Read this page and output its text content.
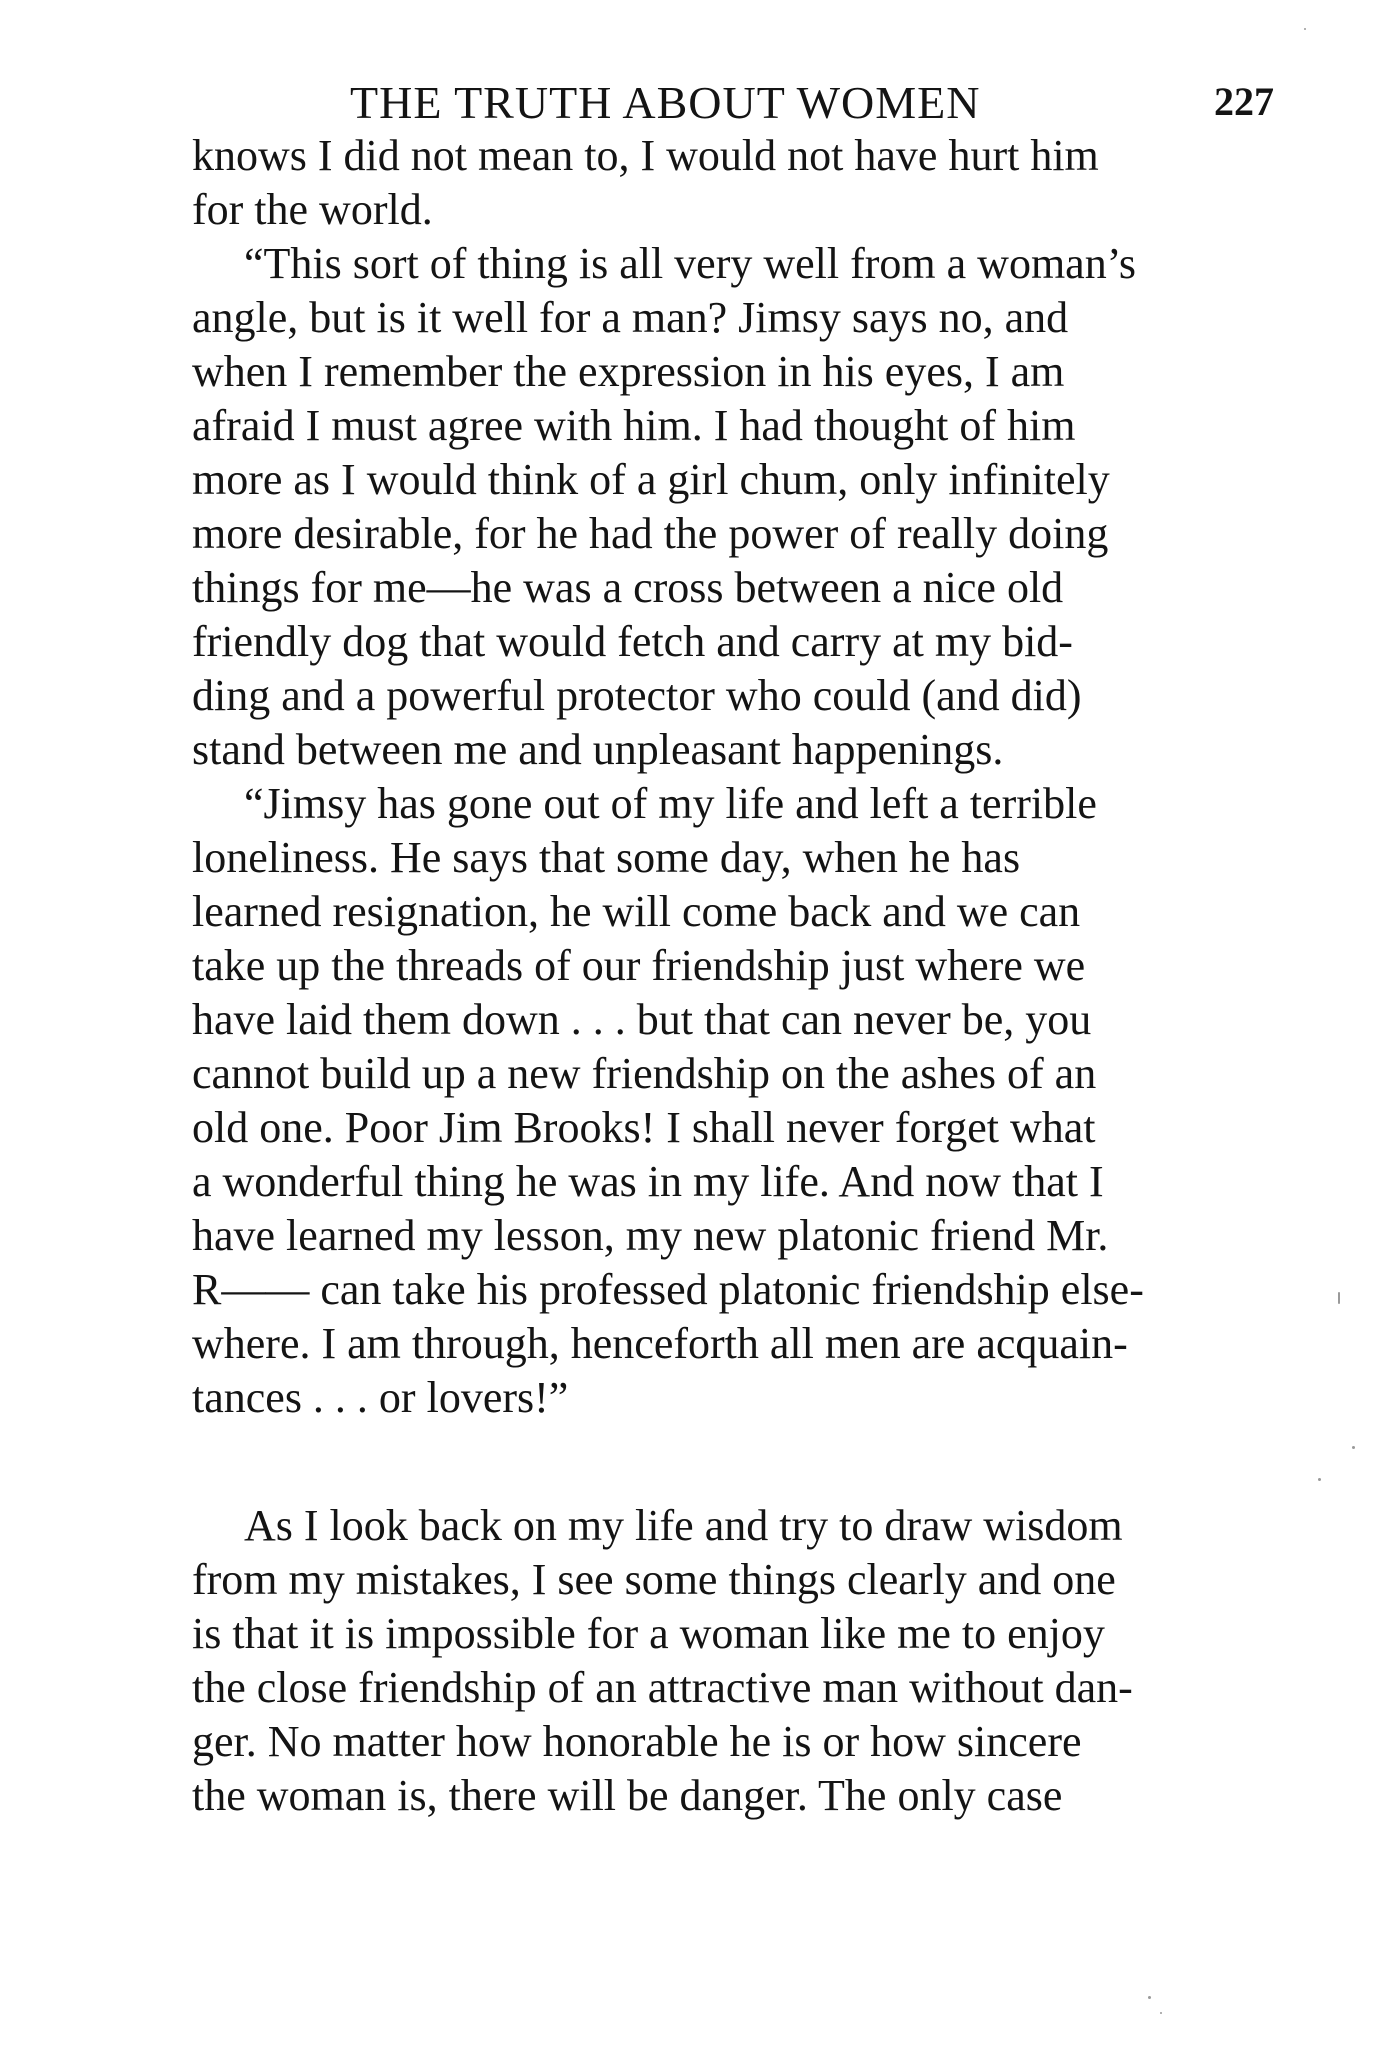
THE TRUTH ABOUT WOMEN	227
knows I did not mean to, I would not have hurt him
for the world.
“This sort of thing is all very well from a woman’s
angle, but is it well for a man? Jimsy says no, and
when I remember the expression in his eyes, I am
afraid I must agree with him. I had thought of him
more as I would think of a girl chum, only infinitely
more desirable, for he had the power of really doing
things for me—he was a cross between a nice old
friendly dog that would fetch and carry at my bid-
ding and a powerful protector who could (and did)
stand between me and unpleasant happenings.
“Jimsy has gone out of my life and left a terrible
loneliness. He says that some day, when he has
learned resignation, he will come back and we can
take up the threads of our friendship just where we
have laid them down . . . but that can never be, you
cannot build up a new friendship on the ashes of an
old one. Poor Jim Brooks! I shall never forget what
a wonderful thing he was in my life. And now that I
have learned my lesson, my new platonic friend Mr.
R—— can take his professed platonic friendship else-
where. I am through, henceforth all men are acquain-
tances . . . or lovers!”
As I look back on my life and try to draw wisdom
from my mistakes, I see some things clearly and one
is that it is impossible for a woman like me to enjoy
the close friendship of an attractive man without dan-
ger. No matter how honorable he is or how sincere
the woman is, there will be danger. The only case
